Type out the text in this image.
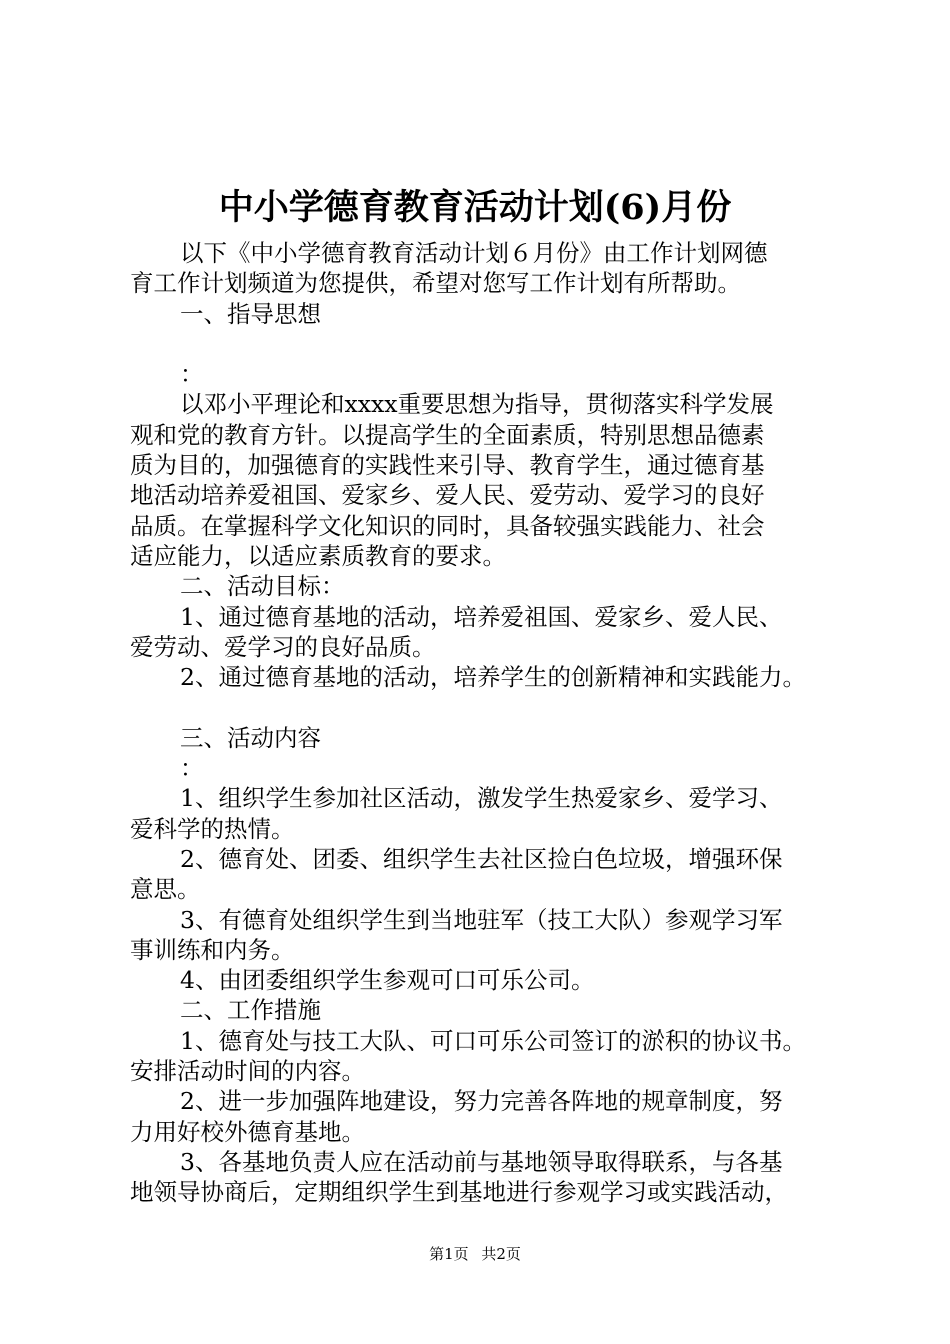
中小学德育教育活动计划(6)月份
以下《中小学德育教育活动计划６月份》由工作计划网德
育工作计划频道为您提供，希望对您写工作计划有所帮助。
一、指导思想
：
以邓小平理论和xxxx重要思想为指导，贯彻落实科学发展
观和党的教育方针。以提高学生的全面素质，特别思想品德素
质为目的，加强德育的实践性来引导、教育学生，通过德育基
地活动培养爱祖国、爱家乡、爱人民、爱劳动、爱学习的良好
品质。在掌握科学文化知识的同时，具备较强实践能力、社会
适应能力，以适应素质教育的要求。
二、活动目标：
1、通过德育基地的活动，培养爱祖国、爱家乡、爱人民、
爱劳动、爱学习的良好品质。
2、通过德育基地的活动，培养学生的创新精神和实践能力。
三、活动内容
：
1、组织学生参加社区活动，激发学生热爱家乡、爱学习、
爱科学的热情。
2、德育处、团委、组织学生去社区捡白色垃圾，增强环保
意思。
3、有德育处组织学生到当地驻军（技工大队）参观学习军
事训练和内务。
4、由团委组织学生参观可口可乐公司。
二、工作措施
1、德育处与技工大队、可口可乐公司签订的淤积的协议书。
安排活动时间的内容。
2、进一步加强阵地建设，努力完善各阵地的规章制度，努
力用好校外德育基地。
3、各基地负责人应在活动前与基地领导取得联系，与各基
地领导协商后，定期组织学生到基地进行参观学习或实践活动，
第1页 共2页
